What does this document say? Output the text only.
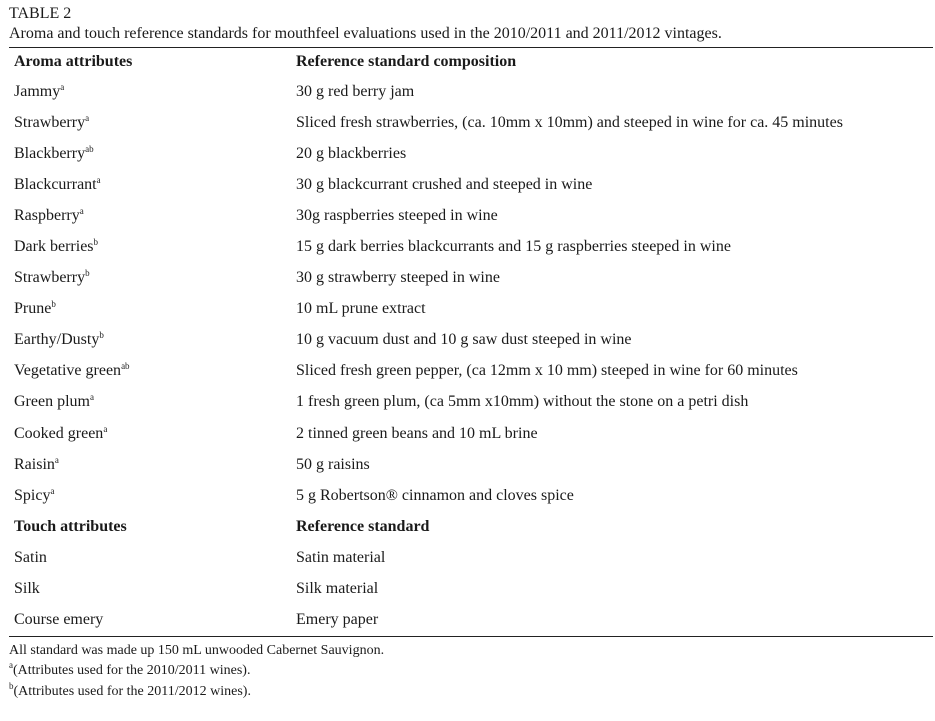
TABLE 2

Aroma and touch reference standards for mouthfeel evaluations used in the 2010/2011 and 2011/2012 vintages.

Aroma attributes	Reference standard composition
Jammy$^a$	30 g red berry jam
Strawberry$^a$	Sliced fresh strawberries, (ca. 10mm x 10mm) and steeped in wine for ca. 45 minutes
Blackberry$^{ab}$	20 g blackberries
Blackcurrant$^a$	30 g blackcurrant crushed and steeped in wine
Raspberry$^a$	30g raspberries steeped in wine
Dark berries$^b$	15 g dark berries blackcurrants and 15 g raspberries steeped in wine
Strawberry$^b$	30 g strawberry steeped in wine
Prune$^b$	10 mL prune extract
Earthy/Dusty$^b$	10 g vacuum dust and 10 g saw dust steeped in wine
Vegetative green$^{ab}$	Sliced fresh green pepper, (ca 12mm x 10 mm) steeped in wine for 60 minutes
Green plum$^a$	1 fresh green plum, (ca 5mm x10mm) without the stone on a petri dish
Cooked green$^a$	2 tinned green beans and 10 mL brine
Raisin$^a$	50 g raisins
Spicy$^a$	5 g Robertson® cinnamon and cloves spice
Touch attributes	Reference standard
Satin	Satin material
Silk	Silk material
Course emery	Emery paper
All standard was made up 150 mL unwooded Cabernet Sauvignon.
$^a$(Attributes used for the 2010/2011 wines).
$^b$(Attributes used for the 2011/2012 wines).
